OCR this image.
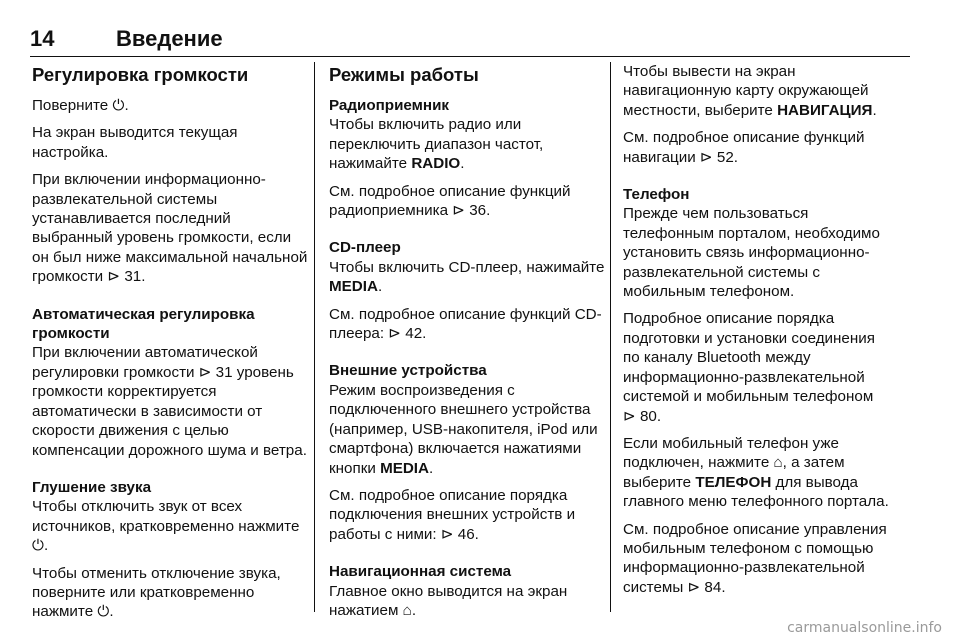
14	Введение
Регулировка громкости

Поверните ⏻.

На экран выводится текущая настройка.

При включении информационно-развлекательной системы устанавливается последний выбранный уровень громкости, если он был ниже максимальной начальной громкости ⊳ 31.

Автоматическая регулировка громкости

При включении автоматической регулировки громкости ⊳ 31 уровень громкости корректируется автоматически в зависимости от скорости движения с целью компенсации дорожного шума и ветра.

Глушение звука

Чтобы отключить звук от всех источников, кратковременно нажмите ⏻.

Чтобы отменить отключение звука, поверните или кратковременно нажмите ⏻.

Режимы работы
Радиоприемник

Чтобы включить радио или переключить диапазон частот, нажимайте RADIO.

См. подробное описание функций радиоприемника ⊳ 36.

CD-плеер

Чтобы включить CD-плеер, нажимайте MEDIA.

См. подробное описание функций CD-плеера: ⊳ 42.

Внешние устройства

Режим воспроизведения с подключенного внешнего устройства (например, USB-накопителя, iPod или смартфона) включается нажатиями кнопки MEDIA.

См. подробное описание порядка подключения внешних устройств и работы с ними: ⊳ 46.

Навигационная система

Главное окно выводится на экран нажатием ⌂.

Чтобы вывести на экран навигационную карту окружающей местности, выберите НАВИГАЦИЯ.

См. подробное описание функций навигации ⊳ 52.

Телефон

Прежде чем пользоваться телефонным порталом, необходимо установить связь информационно-развлекательной системы с мобильным телефоном.

Подробное описание порядка подготовки и установки соединения по каналу Bluetooth между информационно-развлекательной системой и мобильным телефоном ⊳ 80.

Если мобильный телефон уже подключен, нажмите ⌂, а затем выберите ТЕЛЕФОН для вывода главного меню телефонного портала.

См. подробное описание управления мобильным телефоном с помощью информационно-развлекательной системы ⊳ 84.

carmanualsonline.info
